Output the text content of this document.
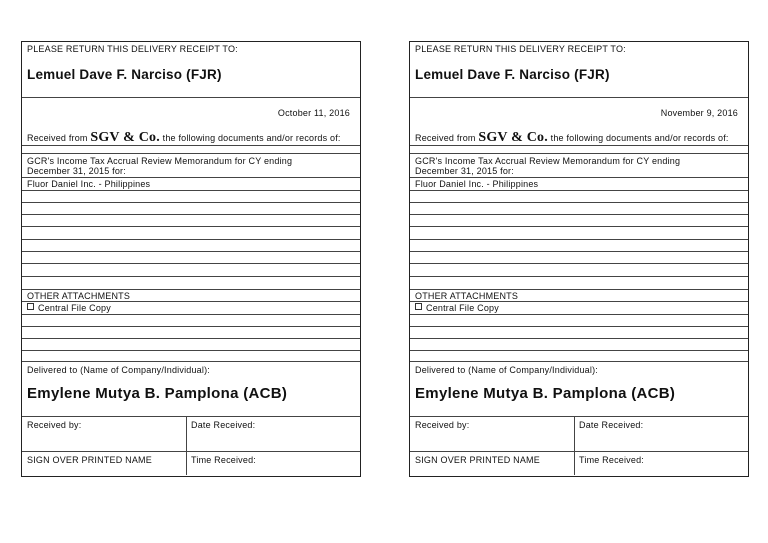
PLEASE RETURN THIS DELIVERY RECEIPT TO:
Lemuel Dave F. Narciso (FJR)
October 11, 2016
Received from SGV & Co. the following documents and/or records of:
GCR's Income Tax Accrual Review Memorandum for CY ending
December 31, 2015 for:
Fluor Daniel Inc. - Philippines
OTHER ATTACHMENTS
Central File Copy
Delivered to (Name of Company/Individual):
Emylene Mutya B. Pamplona (ACB)
Received by:	Date Received:
SIGN OVER PRINTED NAME	Time Received:
PLEASE RETURN THIS DELIVERY RECEIPT TO:
Lemuel Dave F. Narciso (FJR)
November 9, 2016
Received from SGV & Co. the following documents and/or records of:
GCR's Income Tax Accrual Review Memorandum for CY ending
December 31, 2015 for:
Fluor Daniel Inc. - Philippines
OTHER ATTACHMENTS
Central File Copy
Delivered to (Name of Company/Individual):
Emylene Mutya B. Pamplona (ACB)
Received by:	Date Received:
SIGN OVER PRINTED NAME	Time Received:
